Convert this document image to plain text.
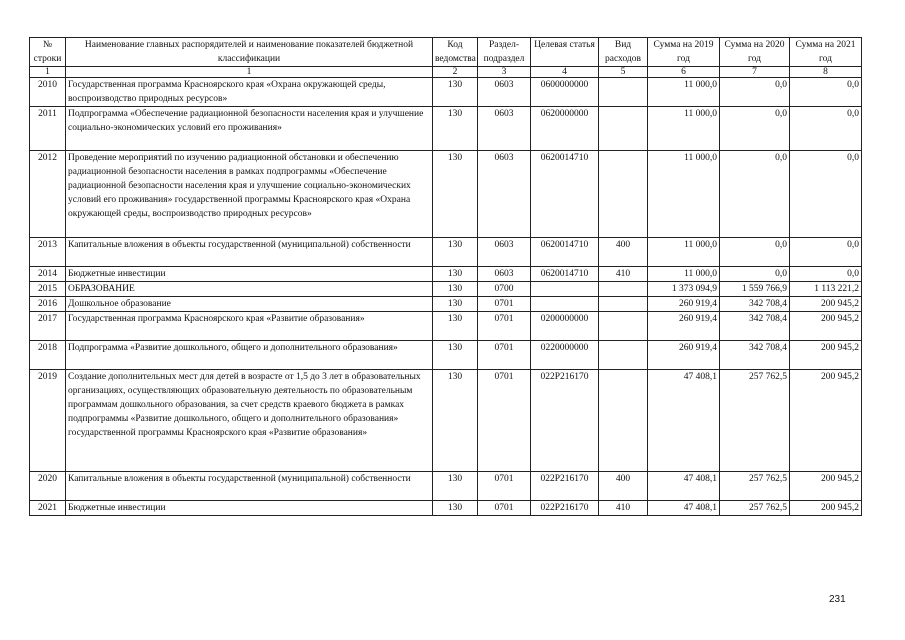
№ строки	Наименование главных распорядителей и наименование показателей бюджетной классификации	Код ведомства	Раздел-подраздел	Целевая статья	Вид расходов	Сумма на 2019 год	Сумма на 2020 год	Сумма на 2021 год
1	1	2	3	4	5	6	7	8
2010	Государственная программа Красноярского края «Охрана окружающей среды, воспроизводство природных ресурсов»	130	0603	0600000000		11 000,0	0,0	0,0
2011	Подпрограмма «Обеспечение радиационной безопасности населения края и улучшение социально-экономических условий его проживания»	130	0603	0620000000		11 000,0	0,0	0,0
2012	Проведение мероприятий по изучению радиационной обстановки и обеспечению радиационной безопасности населения в рамках подпрограммы «Обеспечение радиационной безопасности населения края и улучшение социально-экономических условий его проживания» государственной программы Красноярского края «Охрана окружающей среды, воспроизводство природных ресурсов»	130	0603	0620014710		11 000,0	0,0	0,0
2013	Капитальные вложения в объекты государственной (муниципальной) собственности	130	0603	0620014710	400	11 000,0	0,0	0,0
2014	Бюджетные инвестиции	130	0603	0620014710	410	11 000,0	0,0	0,0
2015	ОБРАЗОВАНИЕ	130	0700			1 373 094,9	1 559 766,9	1 113 221,2
2016	Дошкольное образование	130	0701			260 919,4	342 708,4	200 945,2
2017	Государственная программа Красноярского края «Развитие образования»	130	0701	0200000000		260 919,4	342 708,4	200 945,2
2018	Подпрограмма «Развитие дошкольного, общего и дополнительного образования»	130	0701	0220000000		260 919,4	342 708,4	200 945,2
2019	Создание дополнительных мест для детей в возрасте от 1,5 до 3 лет в образовательных организациях, осуществляющих образовательную деятельность по образовательным программам дошкольного образования, за счет средств краевого бюджета в рамках подпрограммы «Развитие дошкольного, общего и дополнительного образования» государственной программы Красноярского края «Развитие образования»	130	0701	022P216170		47 408,1	257 762,5	200 945,2
2020	Капитальные вложения в объекты государственной (муниципальной) собственности	130	0701	022P216170	400	47 408,1	257 762,5	200 945,2
2021	Бюджетные инвестиции	130	0701	022P216170	410	47 408,1	257 762,5	200 945,2
231
